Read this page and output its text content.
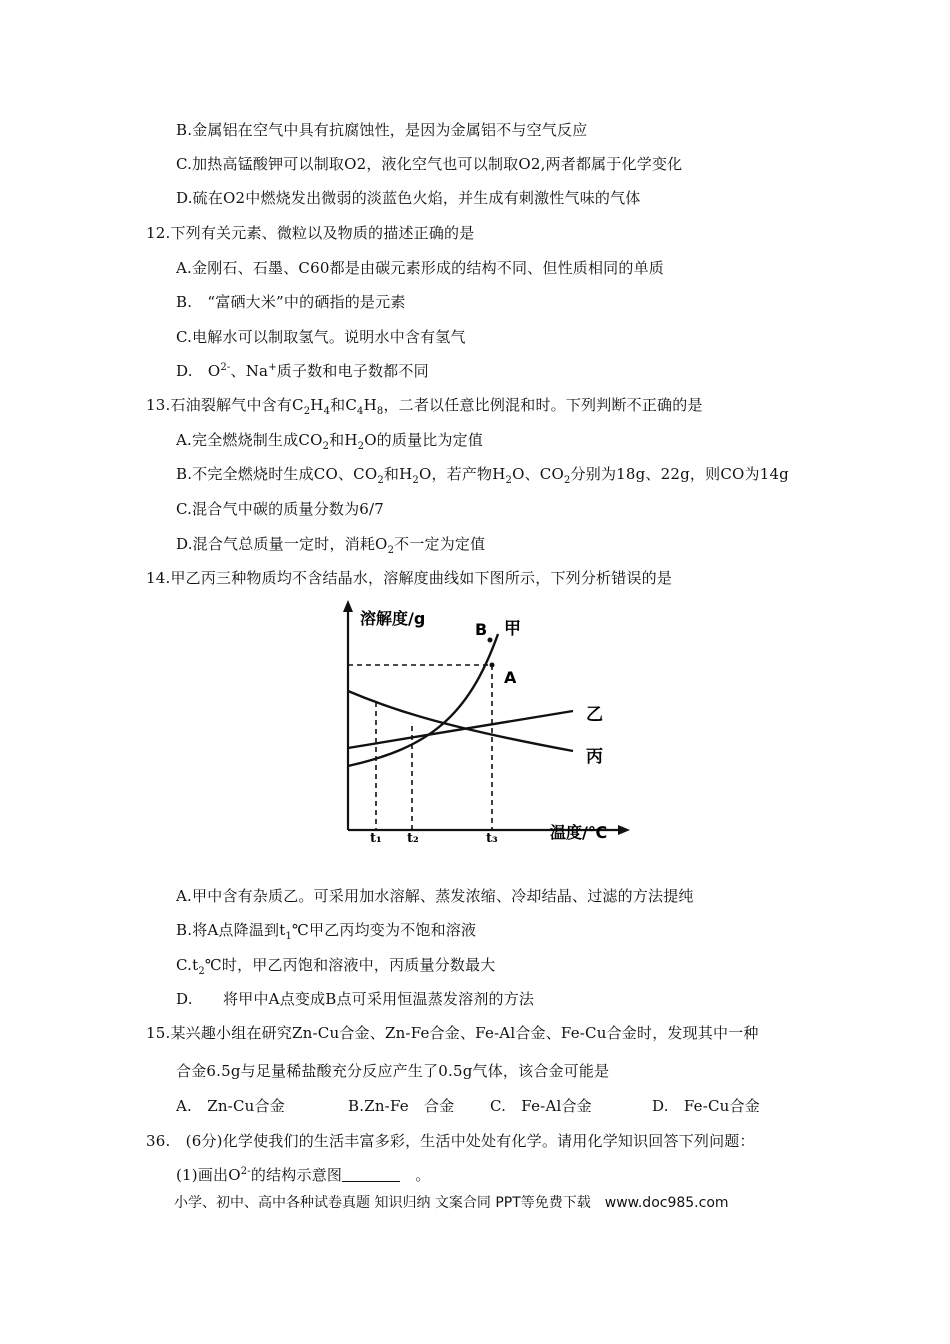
B.金属铝在空气中具有抗腐蚀性，是因为金属铝不与空气反应
C.加热高锰酸钾可以制取O2，液化空气也可以制取O2,两者都属于化学变化
D.硫在O2中燃烧发出微弱的淡蓝色火焰，并生成有刺激性气味的气体
12.下列有关元素、微粒以及物质的描述正确的是
A.金刚石、石墨、C60都是由碳元素形成的结构不同、但性质相同的单质
B.　“富硒大米”中的硒指的是元素
C.电解水可以制取氢气。说明水中含有氢气
D.　$O^{2-}$、Na+质子数和电子数都不同
13.石油裂解气中含有$C_2H_4$和$C_4H_8$，二者以任意比例混和时。下列判断不正确的是
A.完全燃烧制生成$CO_2$和$H_2O$的质量比为定值
B.不完全燃烧时生成CO、$CO_2$和$H_2O$，若产物$H_2O$、$CO_2$分别为18g、22g，则CO为14g
C.混合气中碳的质量分数为6/7
D.混合气总质量一定时，消耗$O_2$不一定为定值
14.甲乙丙三种物质均不含结晶水，溶解度曲线如下图所示，下列分析错误的是
溶解度/g
温度/℃
B 甲
A
乙
丙
t₁ t₂	t₃
A.甲中含有杂质乙。可采用加水溶解、蒸发浓缩、冷却结晶、过滤的方法提纯
B.将A点降温到$t_1℃$甲乙丙均变为不饱和溶液
$C.t_2℃$时，甲乙丙饱和溶液中，丙质量分数最大
D.　　将甲中A点变成B点可采用恒温蒸发溶剂的方法
15.某兴趣小组在研究Zn-Cu合金、Zn-Fe合金、Fe-Al合金、Fe-Cu合金时，发现其中一种
合金6.5g与足量稀盐酸充分反应产生了0.5g气体，该合金可能是
A.　Zn-Cu合金	B.Zn-Fe　合金 C.　Fe-Al合金	D.　Fe-Cu合金
36.　(6分)化学使我们的生活丰富多彩，生活中处处有化学。请用化学知识回答下列问题：
(1)画出$O^{2-}$的结构示意图　	。
小学、初中、高中各种试卷真题 知识归纳 文案合同 PPT等免费下载　www.doc985.com
